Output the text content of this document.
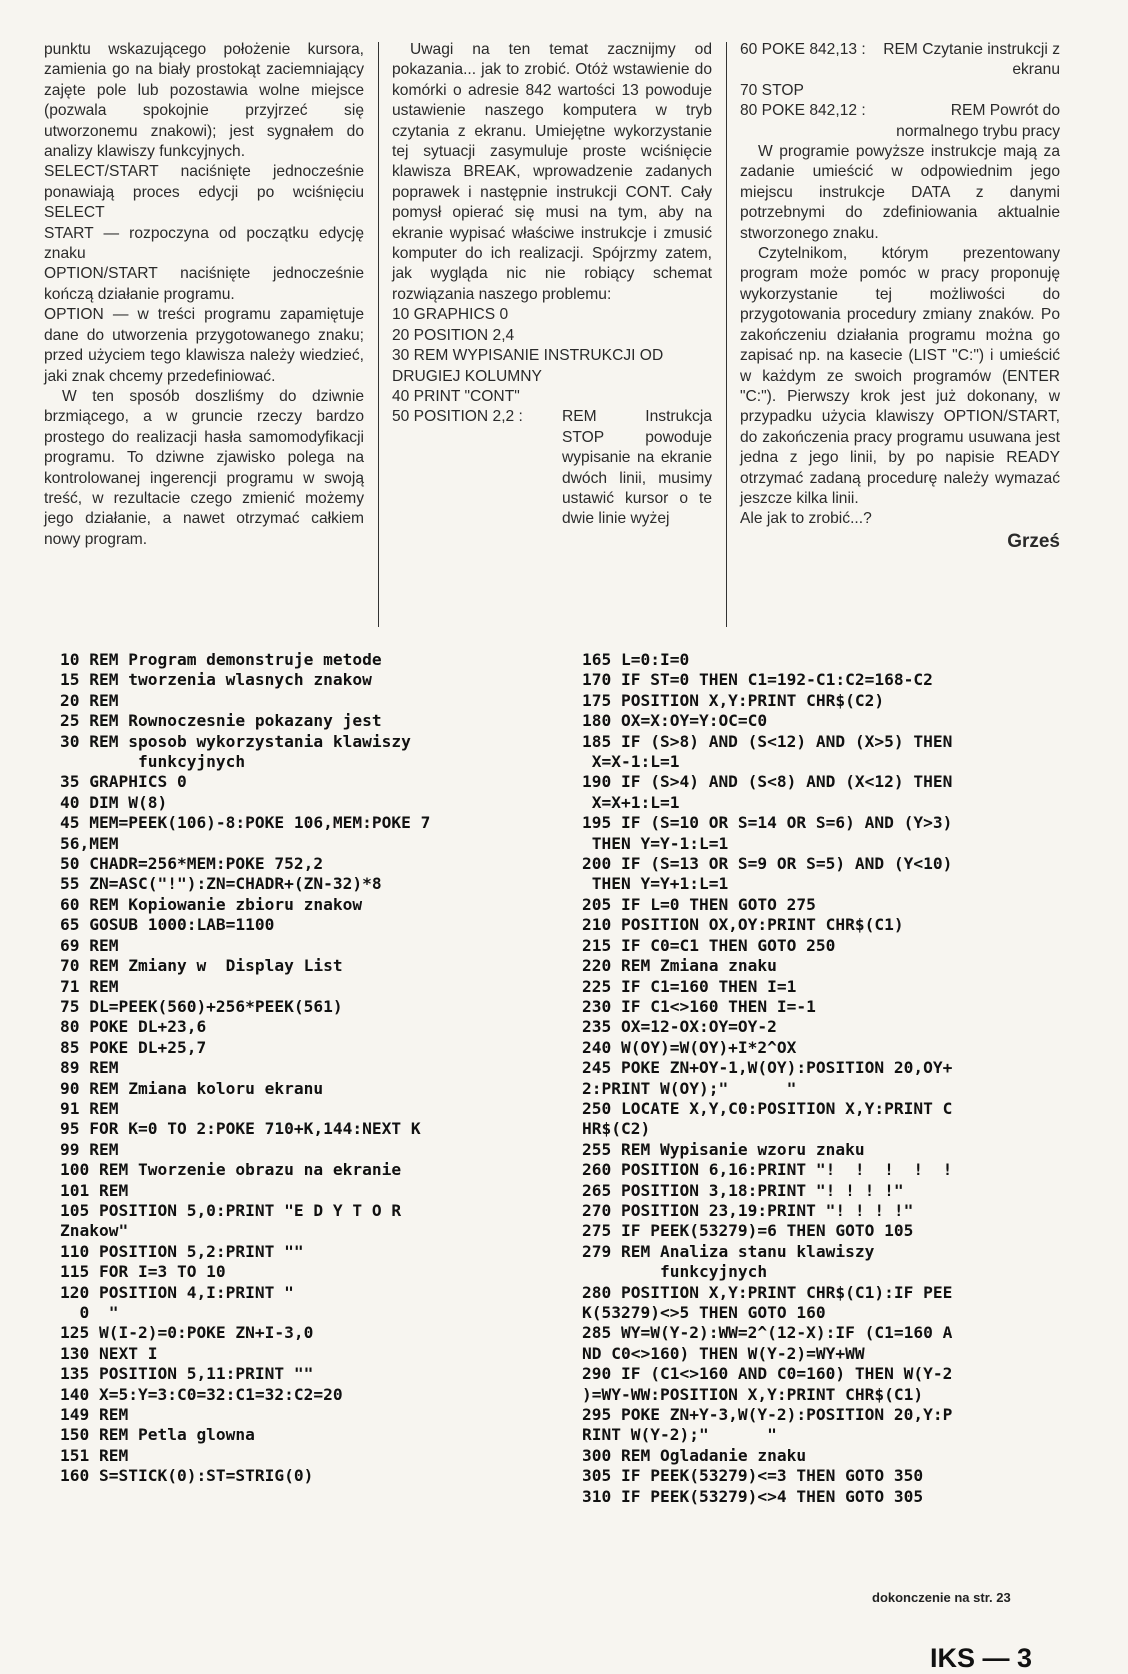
punktu wskazującego położenie kursora, zamienia go na biały prostokąt zaciemniający zajęte pole lub pozostawia wolne miejsce (pozwala spokojnie przyjrzeć się utworzonemu znakowi); jest sygnałem do analizy klawiszy funkcyjnych.

SELECT/START naciśnięte jednocześnie ponawiają proces edycji po wciśnięciu SELECT

START — rozpoczyna od początku edycję znaku

OPTION/START naciśnięte jednocześnie kończą działanie programu.

OPTION — w treści programu zapamiętuje dane do utworzenia przygotowanego znaku; przed użyciem tego klawisza należy wiedzieć, jaki znak chcemy przedefiniować.

W ten sposób doszliśmy do dziwnie brzmiącego, a w gruncie rzeczy bardzo prostego do realizacji hasła samomodyfikacji programu. To dziwne zjawisko polega na kontrolowanej ingerencji programu w swoją treść, w rezultacie czego zmienić możemy jego działanie, a nawet otrzymać całkiem nowy program.

Uwagi na ten temat zacznijmy od pokazania... jak to zrobić. Otóż wstawienie do komórki o adresie 842 wartości 13 powoduje ustawienie naszego komputera w tryb czytania z ekranu. Umiejętne wykorzystanie tej sytuacji zasymuluje proste wciśnięcie klawisza BREAK, wprowadzenie zadanych poprawek i następnie instrukcji CONT. Cały pomysł opierać się musi na tym, aby na ekranie wypisać właściwe instrukcje i zmusić komputer do ich realizacji. Spójrzmy zatem, jak wygląda nic nie robiący schemat rozwiązania naszego problemu:

10 GRAPHICS 0
20 POSITION 2,4
30 REM WYPISANIE INSTRUKCJI OD DRUGIEJ KOLUMNY
40 PRINT "CONT"
50 POSITION 2,2 :	REM Instrukcja STOP powoduje wypisanie na ekranie dwóch linii, musimy ustawić kursor o te dwie linie wyżej
60 POKE 842,13 :	REM Czytanie instrukcji z ekranu
70 STOP
80 POKE 842,12 :	REM Powrót do normalnego trybu pracy

W programie powyższe instrukcje mają za zadanie umieścić w odpowiednim jego miejscu instrukcje DATA z danymi potrzebnymi do zdefiniowania aktualnie stworzonego znaku.

Czytelnikom, którym prezentowany program może pomóc w pracy proponuję wykorzystanie tej możliwości do przygotowania procedury zmiany znaków. Po zakończeniu działania programu można go zapisać np. na kasecie (LIST "C:") i umieścić w każdym ze swoich programów (ENTER "C:"). Pierwszy krok jest już dokonany, w przypadku użycia klawiszy OPTION/START, do zakończenia pracy programu usuwana jest jedna z jego linii, by po napisie READY otrzymać zadaną procedurę należy wymazać jeszcze kilka linii.

Ale jak to zrobić...?

Grześ
10 REM Program demonstruje metode
15 REM tworzenia wlasnych znakow
20 REM
25 REM Rownoczesnie pokazany jest
30 REM sposob wykorzystania klawiszy
funkcyjnych
35 GRAPHICS 0
40 DIM W(8)
45 MEM=PEEK(106)-8:POKE 106,MEM:POKE 7
56,MEM
50 CHADR=256*MEM:POKE 752,2
55 ZN=ASC("!"):ZN=CHADR+(ZN-32)*8
60 REM Kopiowanie zbioru znakow
65 GOSUB 1000:LAB=1100
69 REM
70 REM Zmiany w  Display List
71 REM
75 DL=PEEK(560)+256*PEEK(561)
80 POKE DL+23,6
85 POKE DL+25,7
89 REM
90 REM Zmiana koloru ekranu
91 REM
95 FOR K=0 TO 2:POKE 710+K,144:NEXT K
99 REM
100 REM Tworzenie obrazu na ekranie
101 REM
105 POSITION 5,0:PRINT "E D Y T O R
Znakow"
110 POSITION 5,2:PRINT ""
115 FOR I=3 TO 10
120 POSITION 4,I:PRINT "
0  "
125 W(I-2)=0:POKE ZN+I-3,0
130 NEXT I
135 POSITION 5,11:PRINT ""
140 X=5:Y=3:C0=32:C1=32:C2=20
149 REM
150 REM Petla glowna
151 REM
160 S=STICK(0):ST=STRIG(0)
165 L=0:I=0
170 IF ST=0 THEN C1=192-C1:C2=168-C2
175 POSITION X,Y:PRINT CHR$(C2)
180 OX=X:OY=Y:OC=C0
185 IF (S>8) AND (S<12) AND (X>5) THEN
X=X-1:L=1
190 IF (S>4) AND (S<8) AND (X<12) THEN
X=X+1:L=1
195 IF (S=10 OR S=14 OR S=6) AND (Y>3)
THEN Y=Y-1:L=1
200 IF (S=13 OR S=9 OR S=5) AND (Y<10)
THEN Y=Y+1:L=1
205 IF L=0 THEN GOTO 275
210 POSITION OX,OY:PRINT CHR$(C1)
215 IF C0=C1 THEN GOTO 250
220 REM Zmiana znaku
225 IF C1=160 THEN I=1
230 IF C1<>160 THEN I=-1
235 OX=12-OX:OY=OY-2
240 W(OY)=W(OY)+I*2^OX
245 POKE ZN+OY-1,W(OY):POSITION 20,OY+
2:PRINT W(OY);"      "
250 LOCATE X,Y,C0:POSITION X,Y:PRINT C
HR$(C2)
255 REM Wypisanie wzoru znaku
260 POSITION 6,16:PRINT "!  !  !  !  !
265 POSITION 3,18:PRINT "! ! ! !"
270 POSITION 23,19:PRINT "! ! ! !"
275 IF PEEK(53279)=6 THEN GOTO 105
279 REM Analiza stanu klawiszy
funkcyjnych
280 POSITION X,Y:PRINT CHR$(C1):IF PEE
K(53279)<>5 THEN GOTO 160
285 WY=W(Y-2):WW=2^(12-X):IF (C1=160 A
ND C0<>160) THEN W(Y-2)=WY+WW
290 IF (C1<>160 AND C0=160) THEN W(Y-2
)=WY-WW:POSITION X,Y:PRINT CHR$(C1)
295 POKE ZN+Y-3,W(Y-2):POSITION 20,Y:P
RINT W(Y-2);"      "
300 REM Ogladanie znaku
305 IF PEEK(53279)<=3 THEN GOTO 350
310 IF PEEK(53279)<>4 THEN GOTO 305
dokonczenie na str. 23
IKS — 3
